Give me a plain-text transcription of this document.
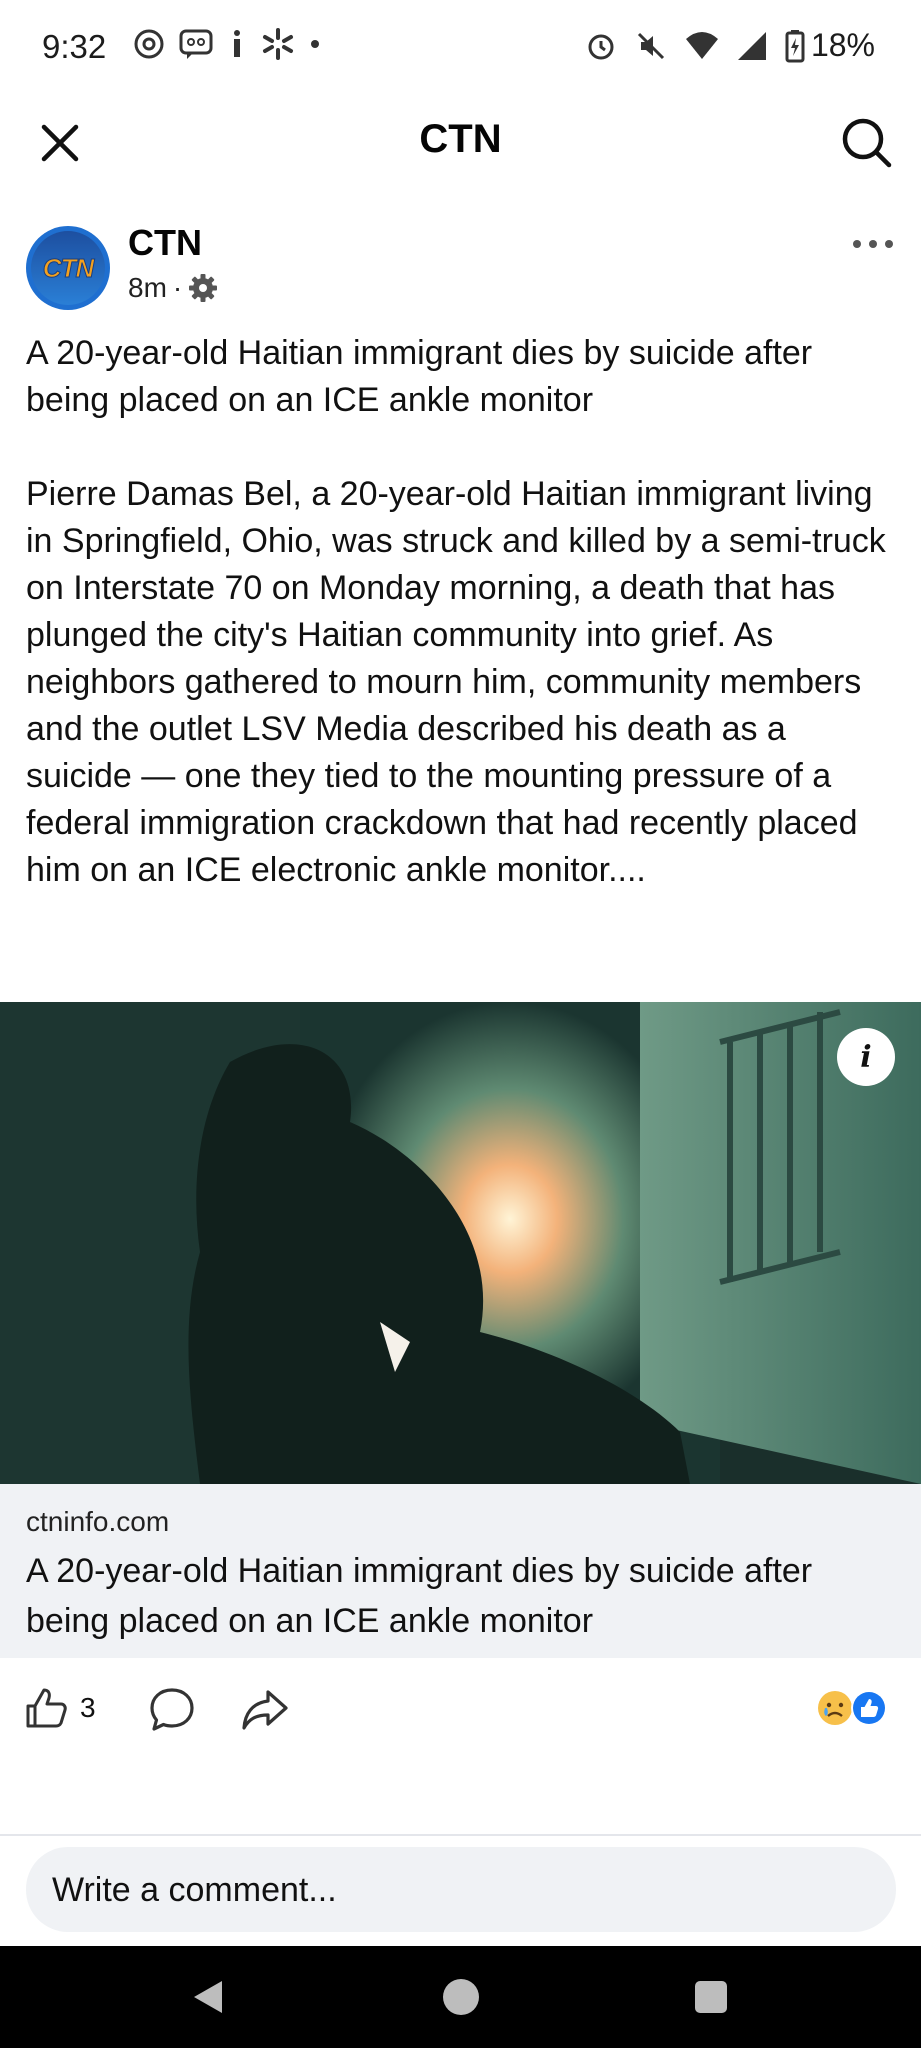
9:32	18%
CTN
CTN
CTN
8m ·

A 20-year-old Haitian immigrant dies by suicide after being placed on an ICE ankle monitor

Pierre Damas Bel, a 20-year-old Haitian immigrant living in Springfield, Ohio, was struck and killed by a semi-truck on Interstate 70 on Monday morning, a death that has plunged the city's Haitian community into grief. As neighbors gathered to mourn him, community members and the outlet LSV Media described his death as a suicide — one they tied to the mounting pressure of a federal immigration crackdown that had recently placed him on an ICE electronic ankle monitor....

i
ctninfo.com
A 20-year-old Haitian immigrant dies by suicide after being placed on an ICE ankle monitor
3
Write a comment...
